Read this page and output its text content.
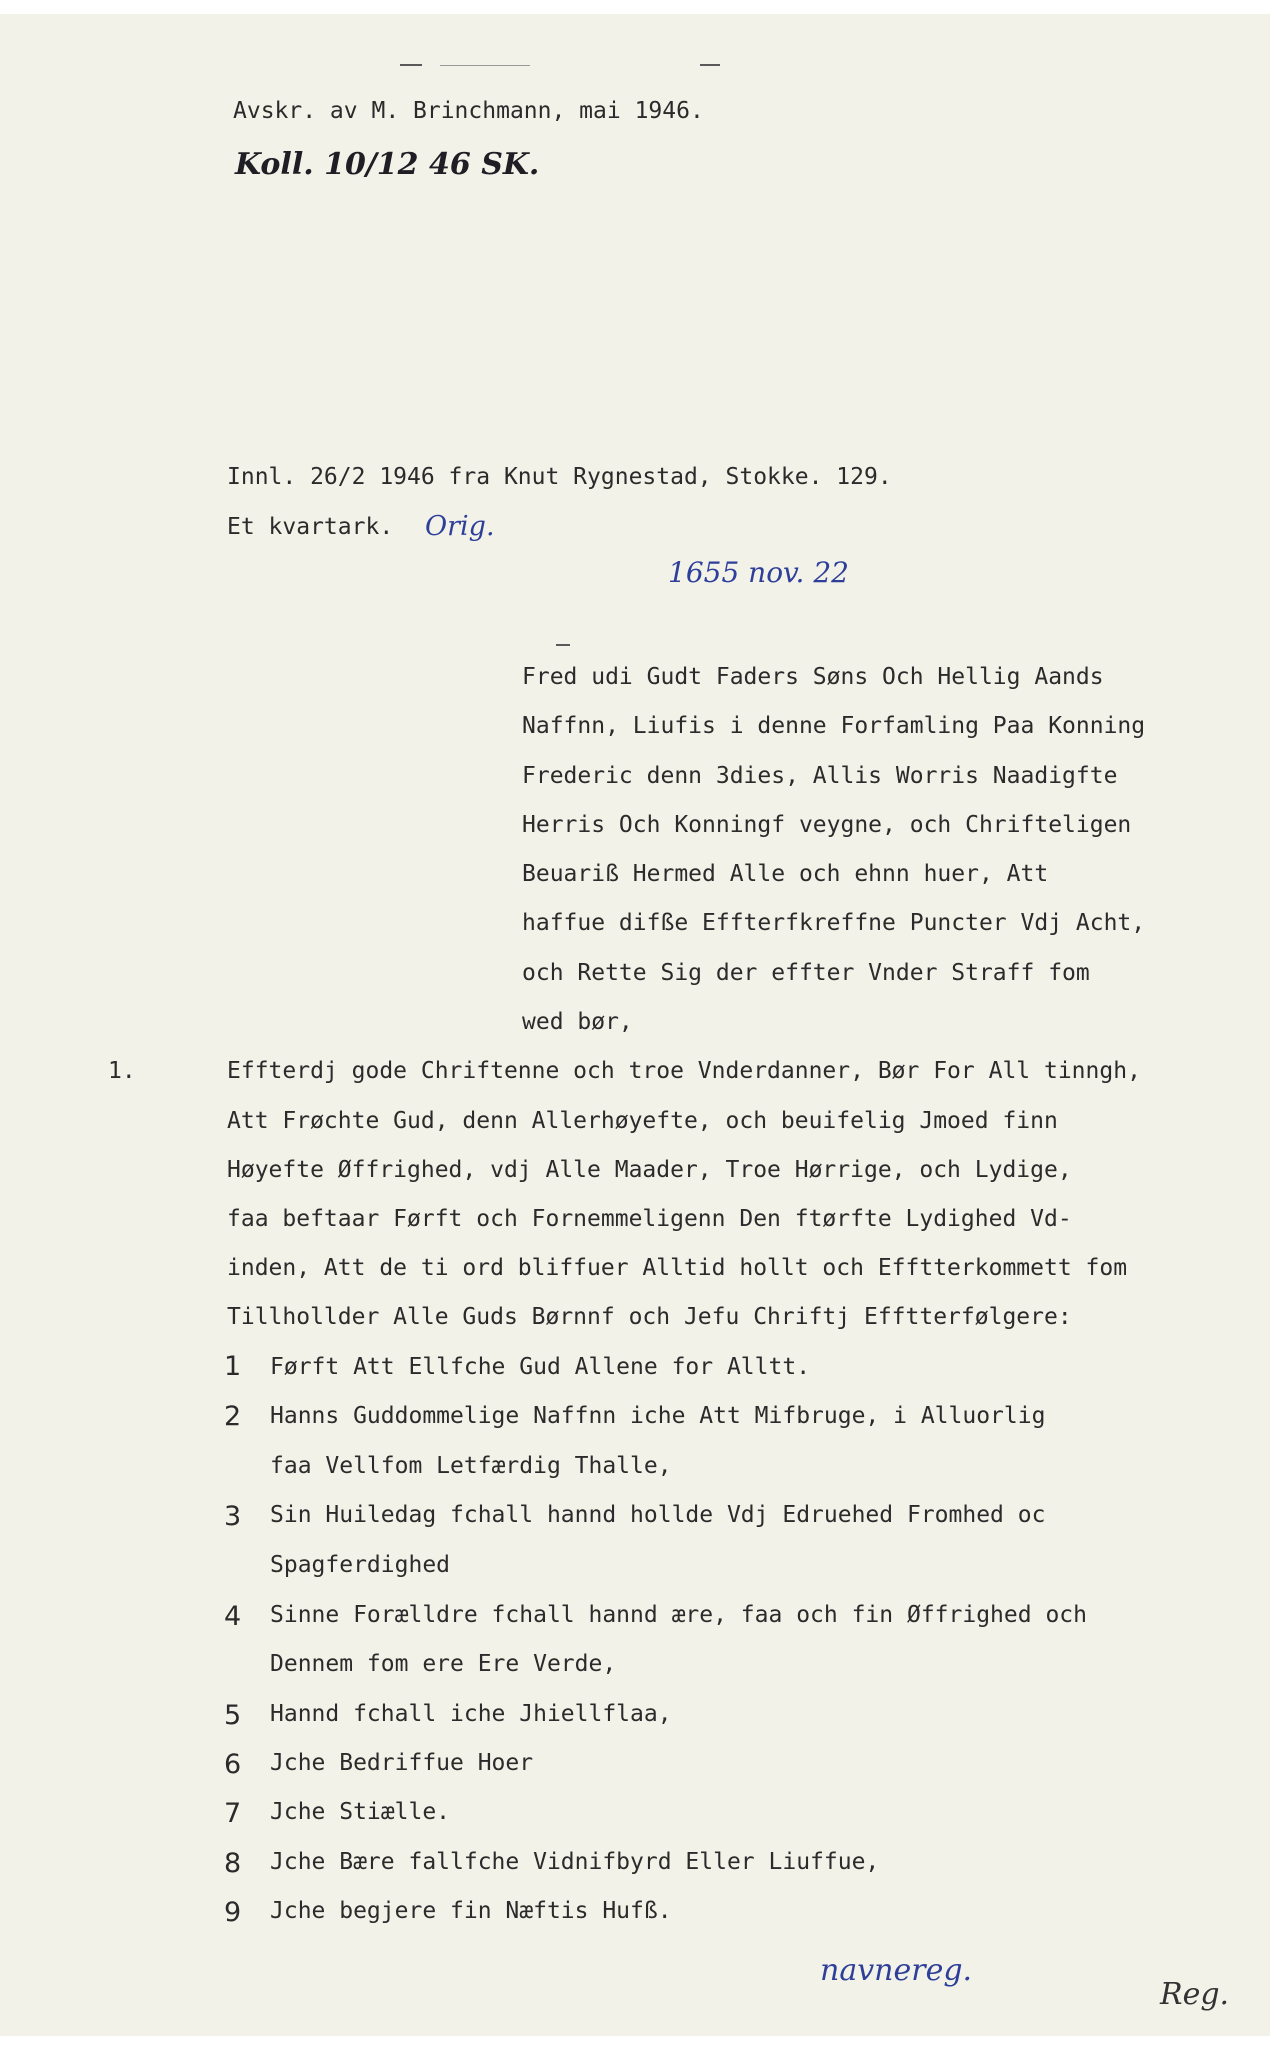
Avskr. av M. Brinchmann, mai 1946.
Koll. 10/12 46 SK.
Innl. 26/2 1946 fra Knut Rygnestad, Stokke. 129.
Et kvartark. Orig.
1655 nov. 22
Fred udi Gudt Faders Søns Och Hellig Aands
Naffnn, Liufis i denne Forfamling Paa Konning
Frederic denn 3dies, Allis Worris Naadigfte
Herris Och Konningf veygne, och Chrifteligen
Beuariß Hermed Alle och ehnn huer, Att
haffue difße Effterfkreffne Puncter Vdj Acht,
och Rette Sig der effter Vnder Straff fom
wed bør,
1.	Effterdj gode Chriftenne och troe Vnderdanner, Bør For All tinngh,
Att Frøchte Gud, denn Allerhøyefte, och beuifelig Jmoed finn
Høyefte Øffrighed, vdj Alle Maader, Troe Hørrige, och Lydige,
faa beftaar Førft och Fornemmeligenn Den ftørfte Lydighed Vd-
inden, Att de ti ord bliffuer Alltid hollt och Efftterkommett fom
Tillhollder Alle Guds Børnnf och Jefu Chriftj Efftterfølgere:
1 Førft Att Ellfche Gud Allene for Alltt.
2 Hanns Guddommelige Naffnn iche Att Mifbruge, i Alluorlig
faa Vellfom Letfærdig Thalle,
3 Sin Huiledag fchall hannd hollde Vdj Edruehed Fromhed oc
Spagferdighed
4 Sinne Forælldre fchall hannd ære, faa och fin Øffrighed och
Dennem fom ere Ere Verde,
5 Hannd fchall iche Jhiellflaa,
6 Jche Bedriffue Hoer
7 Jche Stiælle.
8 Jche Bære fallfche Vidnifbyrd Eller Liuffue,
9 Jche begjere fin Næftis Hufß.
navnereg.
Reg.
